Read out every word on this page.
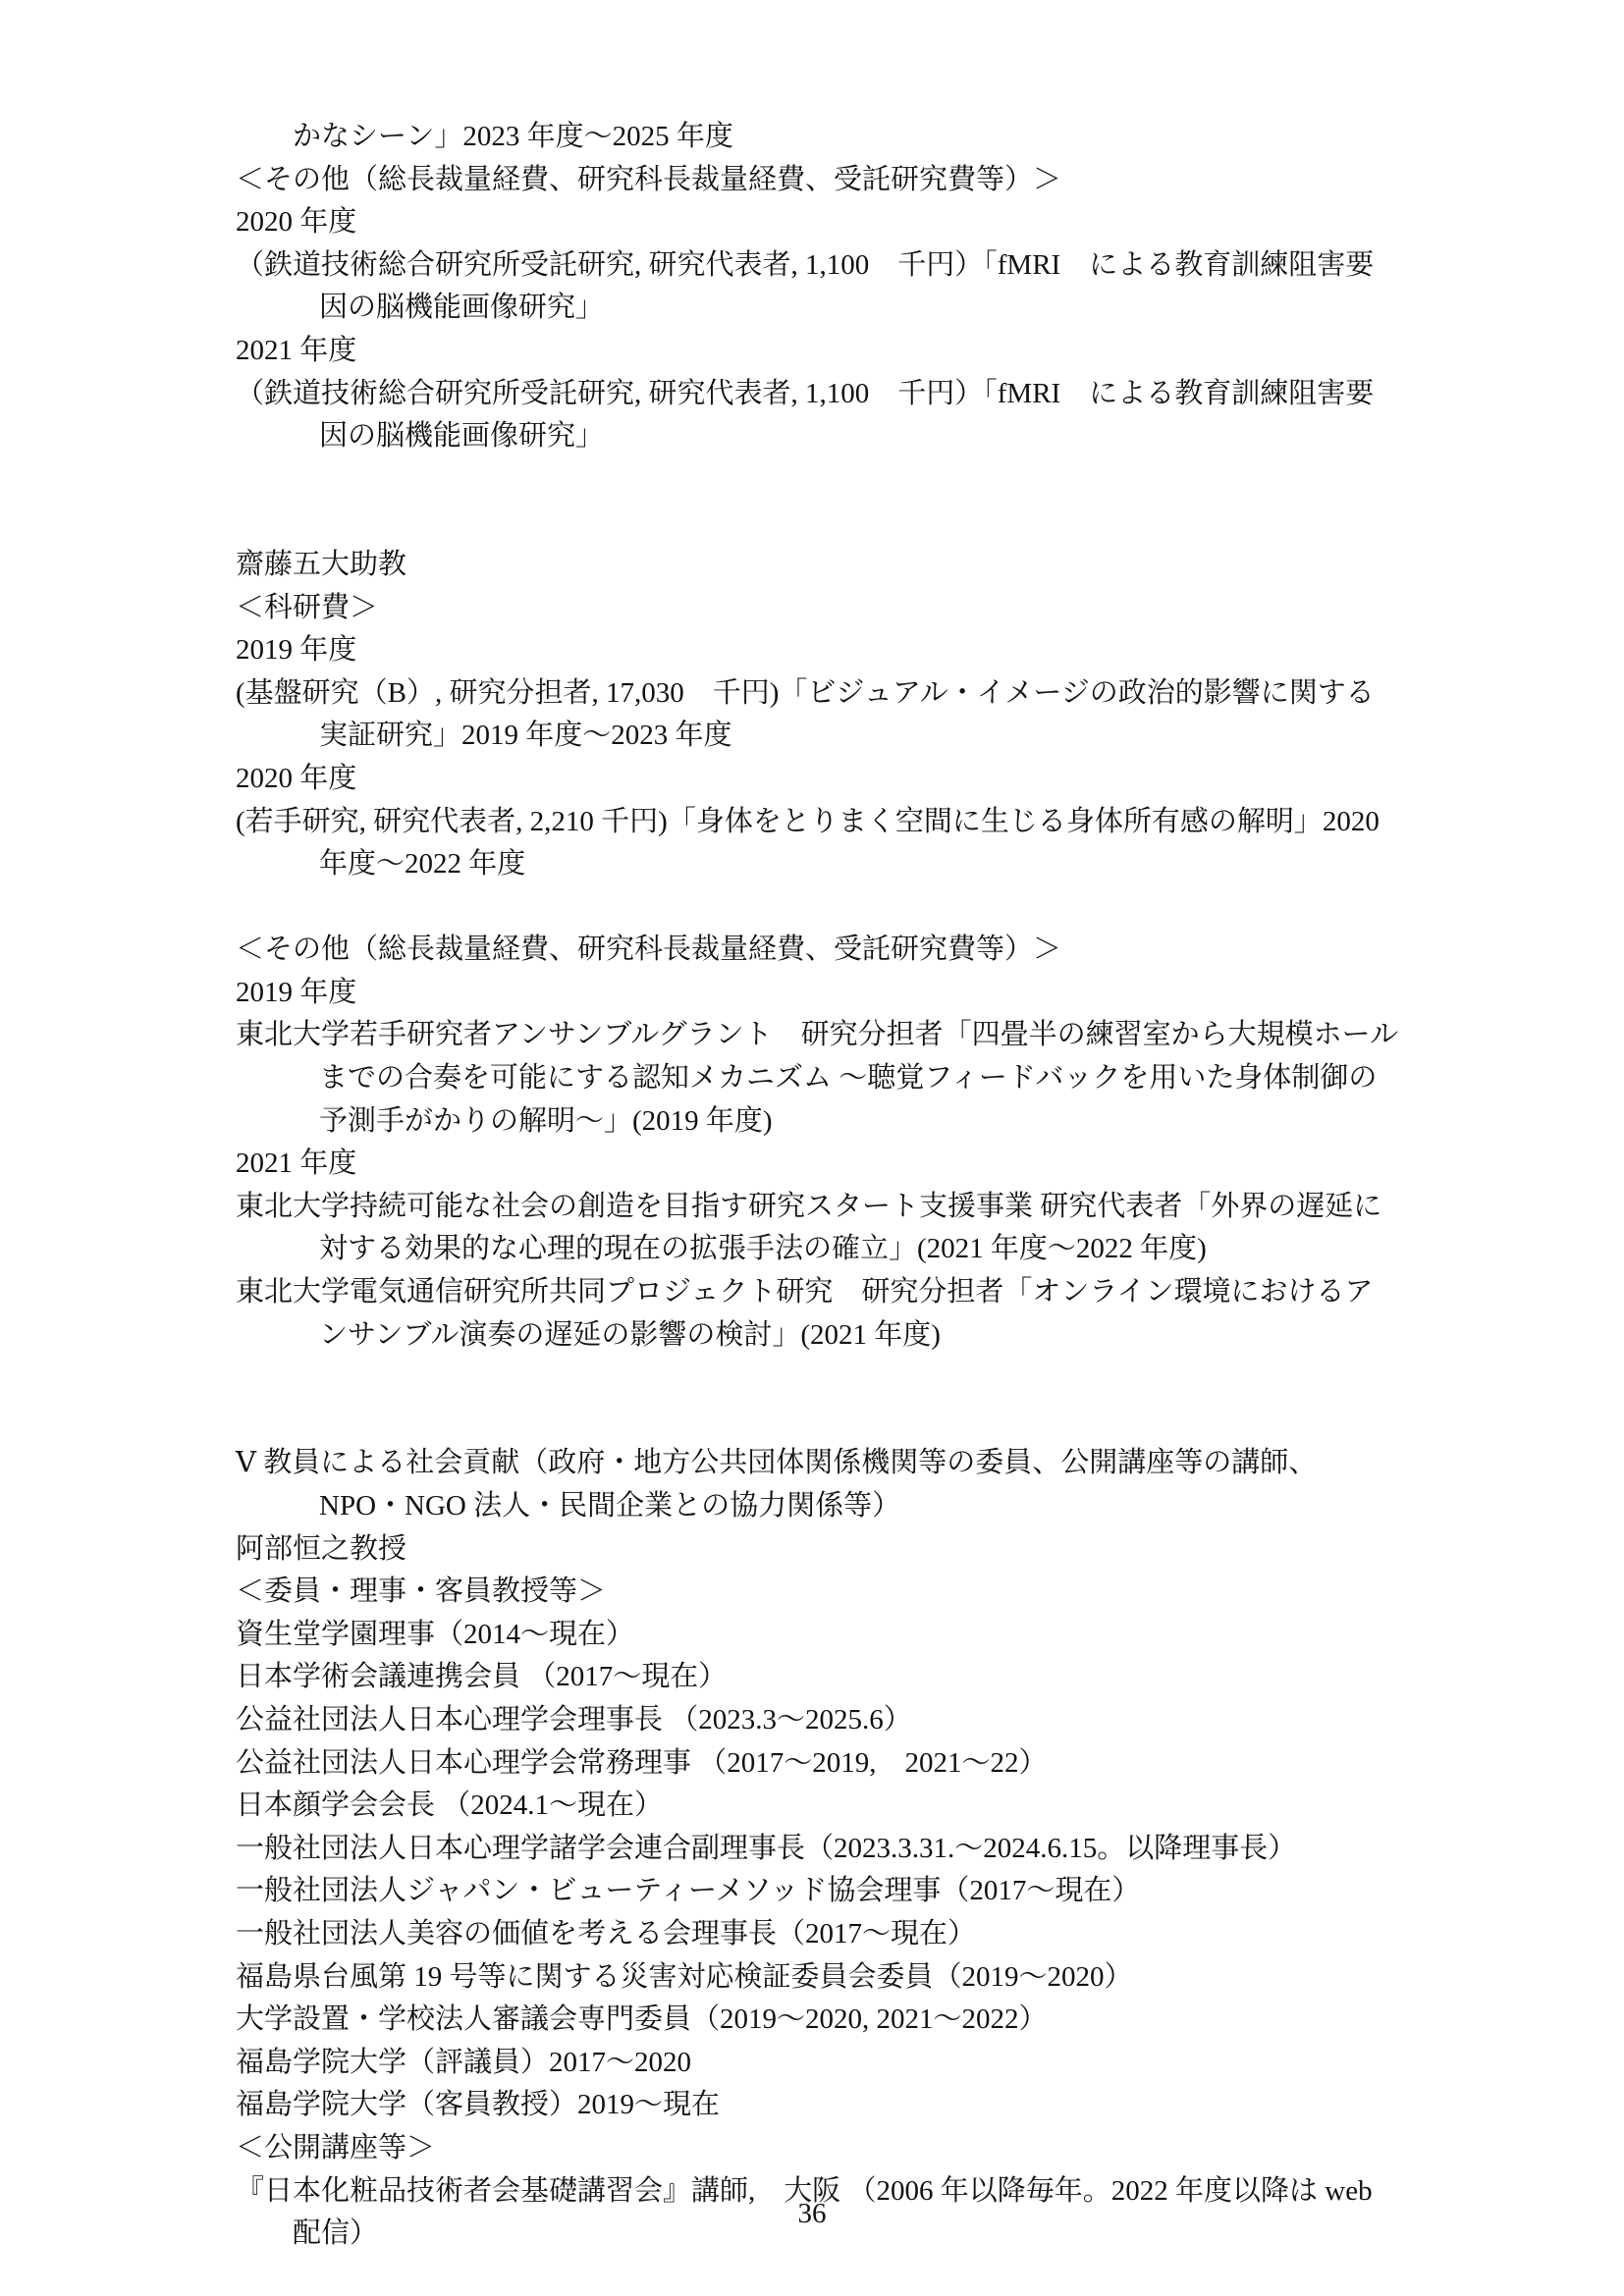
　　かなシーン」2023 年度～2025 年度
＜その他（総長裁量経費、研究科長裁量経費、受託研究費等）＞
2020 年度
（鉄道技術総合研究所受託研究, 研究代表者, 1,100　千円）「fMRI　による教育訓練阻害要因の脳機能画像研究」
2021 年度
（鉄道技術総合研究所受託研究, 研究代表者, 1,100　千円）「fMRI　による教育訓練阻害要因の脳機能画像研究」
齋藤五大助教
＜科研費＞
2019 年度
(基盤研究（B）, 研究分担者, 17,030　千円)「ビジュアル・イメージの政治的影響に関する実証研究」2019 年度～2023 年度
2020 年度
(若手研究, 研究代表者, 2,210 千円)「身体をとりまく空間に生じる身体所有感の解明」2020 年度～2022 年度
＜その他（総長裁量経費、研究科長裁量経費、受託研究費等）＞
2019 年度
東北大学若手研究者アンサンブルグラント　研究分担者「四畳半の練習室から大規模ホールまでの合奏を可能にする認知メカニズム ～聴覚フィードバックを用いた身体制御の予測手がかりの解明～」(2019 年度)
2021 年度
東北大学持続可能な社会の創造を目指す研究スタート支援事業 研究代表者「外界の遅延に対する効果的な心理的現在の拡張手法の確立」(2021 年度～2022 年度)
東北大学電気通信研究所共同プロジェクト研究　研究分担者「オンライン環境におけるアンサンブル演奏の遅延の影響の検討」(2021 年度)
Ⅴ 教員による社会貢献（政府・地方公共団体関係機関等の委員、公開講座等の講師、NPO・NGO 法人・民間企業との協力関係等）
阿部恒之教授
＜委員・理事・客員教授等＞
資生堂学園理事（2014～現在）
日本学術会議連携会員 （2017～現在）
公益社団法人日本心理学会理事長 （2023.3～2025.6）
公益社団法人日本心理学会常務理事 （2017～2019,　2021～22）
日本顔学会会長 （2024.1～現在）
一般社団法人日本心理学諸学会連合副理事長（2023.3.31.～2024.6.15。以降理事長）
一般社団法人ジャパン・ビューティーメソッド協会理事（2017～現在）
一般社団法人美容の価値を考える会理事長（2017～現在）
福島県台風第 19 号等に関する災害対応検証委員会委員（2019～2020）
大学設置・学校法人審議会専門委員（2019～2020, 2021～2022）
福島学院大学（評議員）2017～2020
福島学院大学（客員教授）2019～現在
＜公開講座等＞
『日本化粧品技術者会基礎講習会』講師,　大阪 （2006 年以降毎年。2022 年度以降は web 配信）
36
